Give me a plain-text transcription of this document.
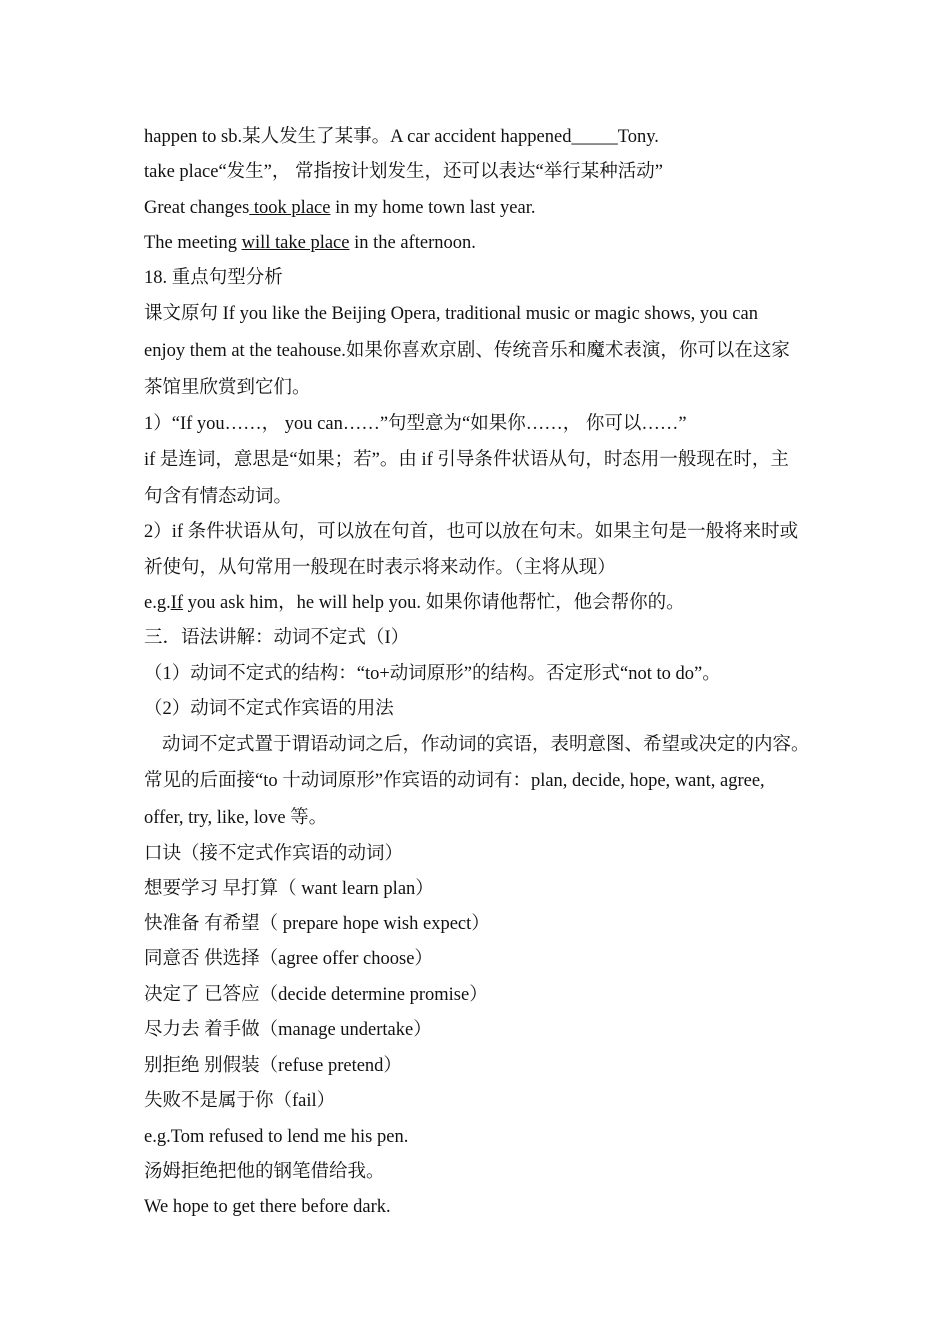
happen to sb.某人发生了某事。A car accident happened_____Tony.
take place“发生”， 常指按计划发生，还可以表达“举行某种活动”
Great changes took place in my home town last year.
The meeting will take place in the afternoon.
18. 重点句型分析
课文原句 If you like the Beijing Opera, traditional music or magic shows, you can
enjoy them at the teahouse.如果你喜欢京剧、传统音乐和魔术表演，你可以在这家
茶馆里欣赏到它们。
1）“If you……， you can……”句型意为“如果你……， 你可以……”
if 是连词，意思是“如果；若”。由 if 引导条件状语从句，时态用一般现在时，主
句含有情态动词。
2）if 条件状语从句，可以放在句首，也可以放在句末。如果主句是一般将来时或
祈使句，从句常用一般现在时表示将来动作。（主将从现）
e.g.If you ask him，he will help you. 如果你请他帮忙，他会帮你的。
三．语法讲解：动词不定式（I）
（1）动词不定式的结构：“to+动词原形”的结构。否定形式“not to do”。
（2）动词不定式作宾语的用法
动词不定式置于谓语动词之后，作动词的宾语，表明意图、希望或决定的内容。
常见的后面接“to 十动词原形”作宾语的动词有：plan, decide, hope, want, agree,
offer, try, like, love 等。
口诀（接不定式作宾语的动词）
想要学习 早打算（ want learn plan）
快准备 有希望（ prepare hope wish expect）
同意否 供选择（agree offer choose）
决定了 已答应（decide determine promise）
尽力去 着手做（manage undertake）
别拒绝 别假装（refuse pretend）
失败不是属于你（fail）
e.g.Tom refused to lend me his pen.
汤姆拒绝把他的钢笔借给我。
We hope to get there before dark.
